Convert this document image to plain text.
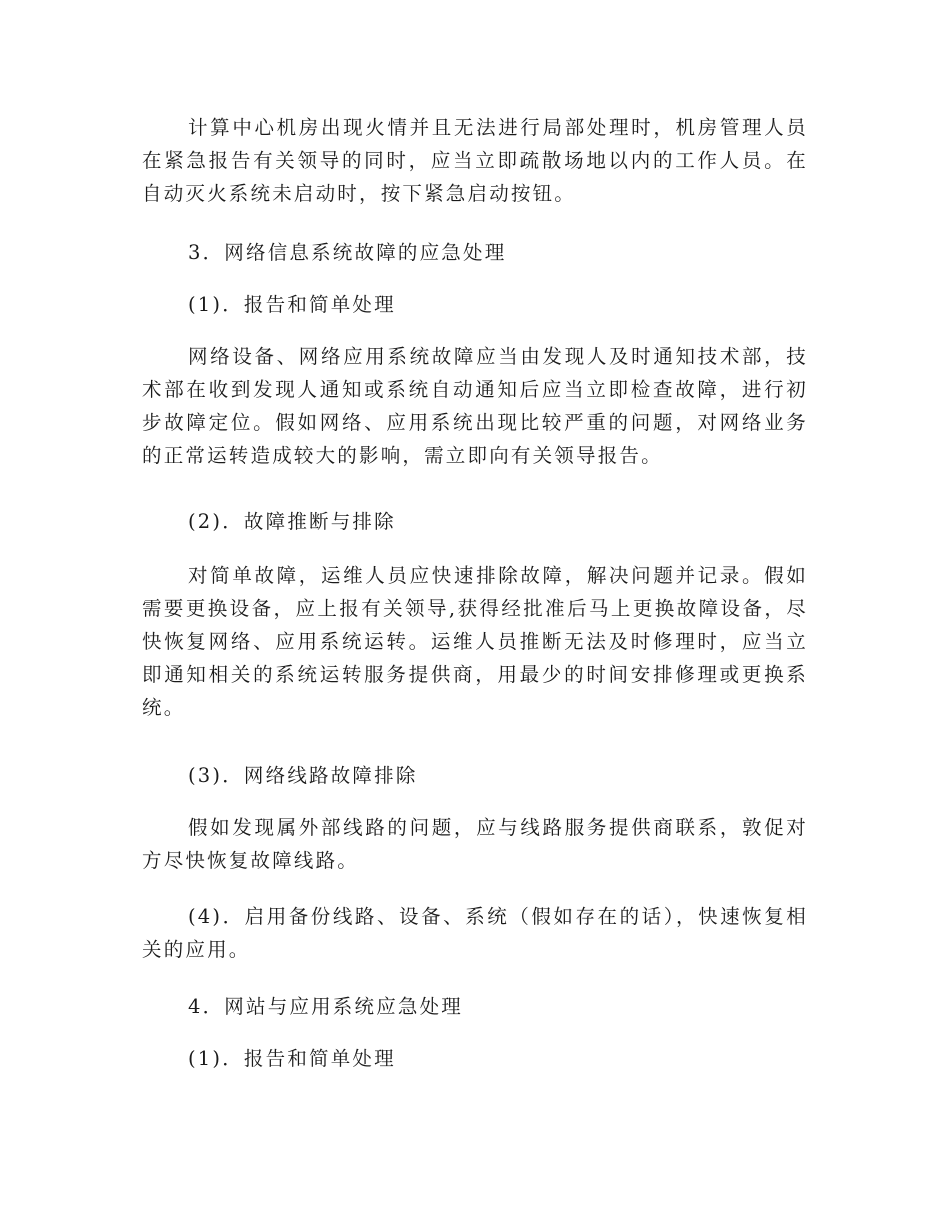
计算中心机房出现火情并且无法进行局部处理时，机房管理人员在紧急报告有关领导的同时，应当立即疏散场地以内的工作人员。在自动灭火系统未启动时，按下紧急启动按钮。

3．网络信息系统故障的应急处理

(1)．报告和简单处理

网络设备、网络应用系统故障应当由发现人及时通知技术部，技术部在收到发现人通知或系统自动通知后应当立即检查故障，进行初步故障定位。假如网络、应用系统出现比较严重的问题，对网络业务的正常运转造成较大的影响，需立即向有关领导报告。

(2)．故障推断与排除

对简单故障，运维人员应快速排除故障，解决问题并记录。假如需要更换设备，应上报有关领导,获得经批准后马上更换故障设备，尽快恢复网络、应用系统运转。运维人员推断无法及时修理时，应当立即通知相关的系统运转服务提供商，用最少的时间安排修理或更换系统。

(3)．网络线路故障排除

假如发现属外部线路的问题，应与线路服务提供商联系，敦促对方尽快恢复故障线路。

(4)．启用备份线路、设备、系统（假如存在的话），快速恢复相关的应用。

4．网站与应用系统应急处理

(1)．报告和简单处理
